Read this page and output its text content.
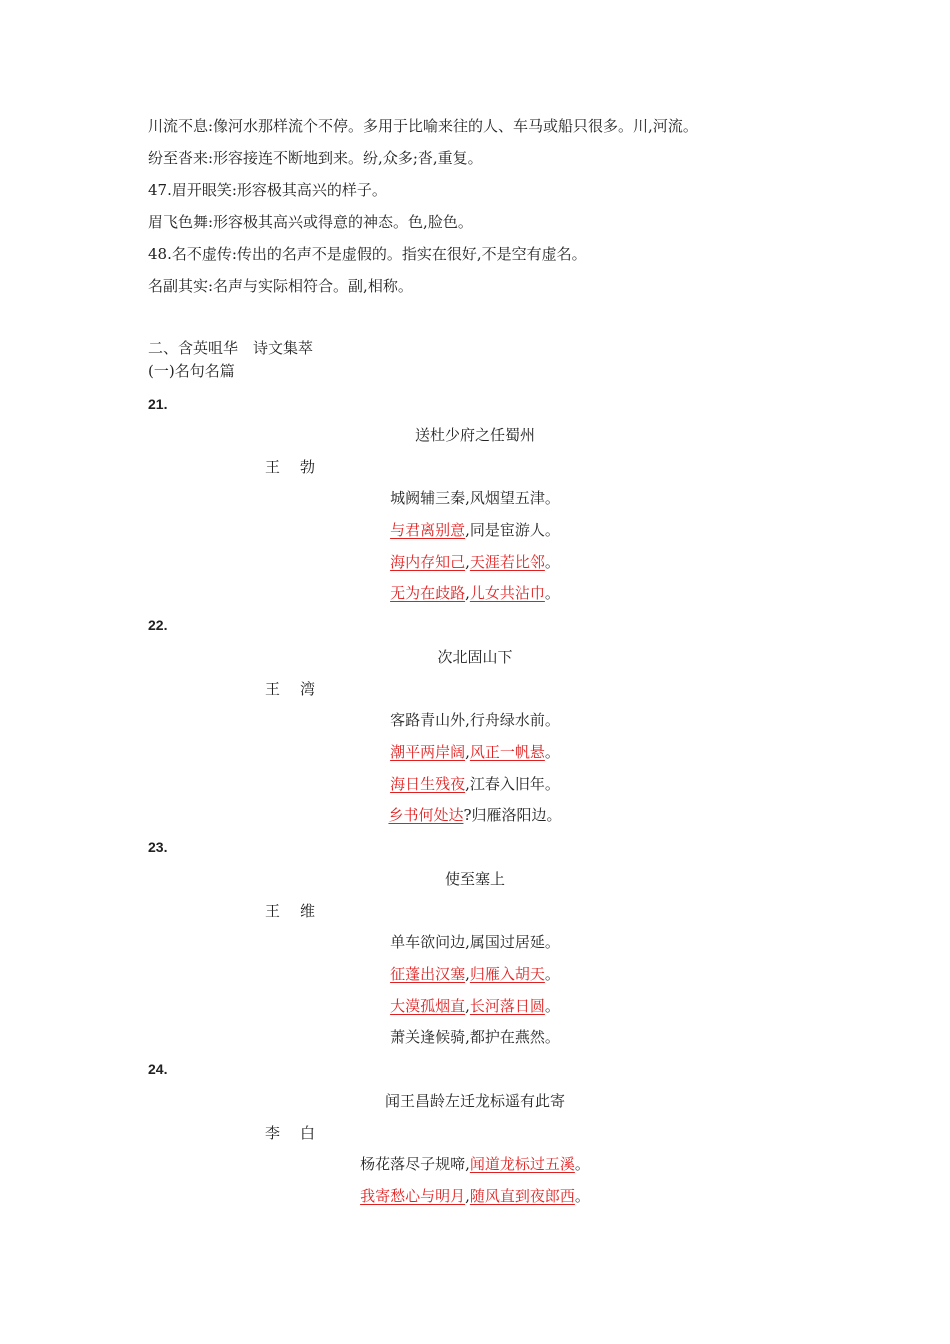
川流不息:像河水那样流个不停。多用于比喻来往的人、车马或船只很多。川,河流。
纷至沓来:形容接连不断地到来。纷,众多;沓,重复。
47.眉开眼笑:形容极其高兴的样子。
眉飞色舞:形容极其高兴或得意的神态。色,脸色。
48.名不虚传:传出的名声不是虚假的。指实在很好,不是空有虚名。
名副其实:名声与实际相符合。副,相称。
二、含英咀华　诗文集萃
(一)名句名篇
21.
送杜少府之任蜀州
王 勃
城阙辅三秦,风烟望五津。
与君离别意,同是宦游人。
海内存知己,天涯若比邻。
无为在歧路,儿女共沾巾。
22.
次北固山下
王 湾
客路青山外,行舟绿水前。
潮平两岸阔,风正一帆悬。
海日生残夜,江春入旧年。
乡书何处达?归雁洛阳边。
23.
使至塞上
王 维
单车欲问边,属国过居延。
征蓬出汉塞,归雁入胡天。
大漠孤烟直,长河落日圆。
萧关逢候骑,都护在燕然。
24.
闻王昌龄左迁龙标遥有此寄
李 白
杨花落尽子规啼,闻道龙标过五溪。
我寄愁心与明月,随风直到夜郎西。
